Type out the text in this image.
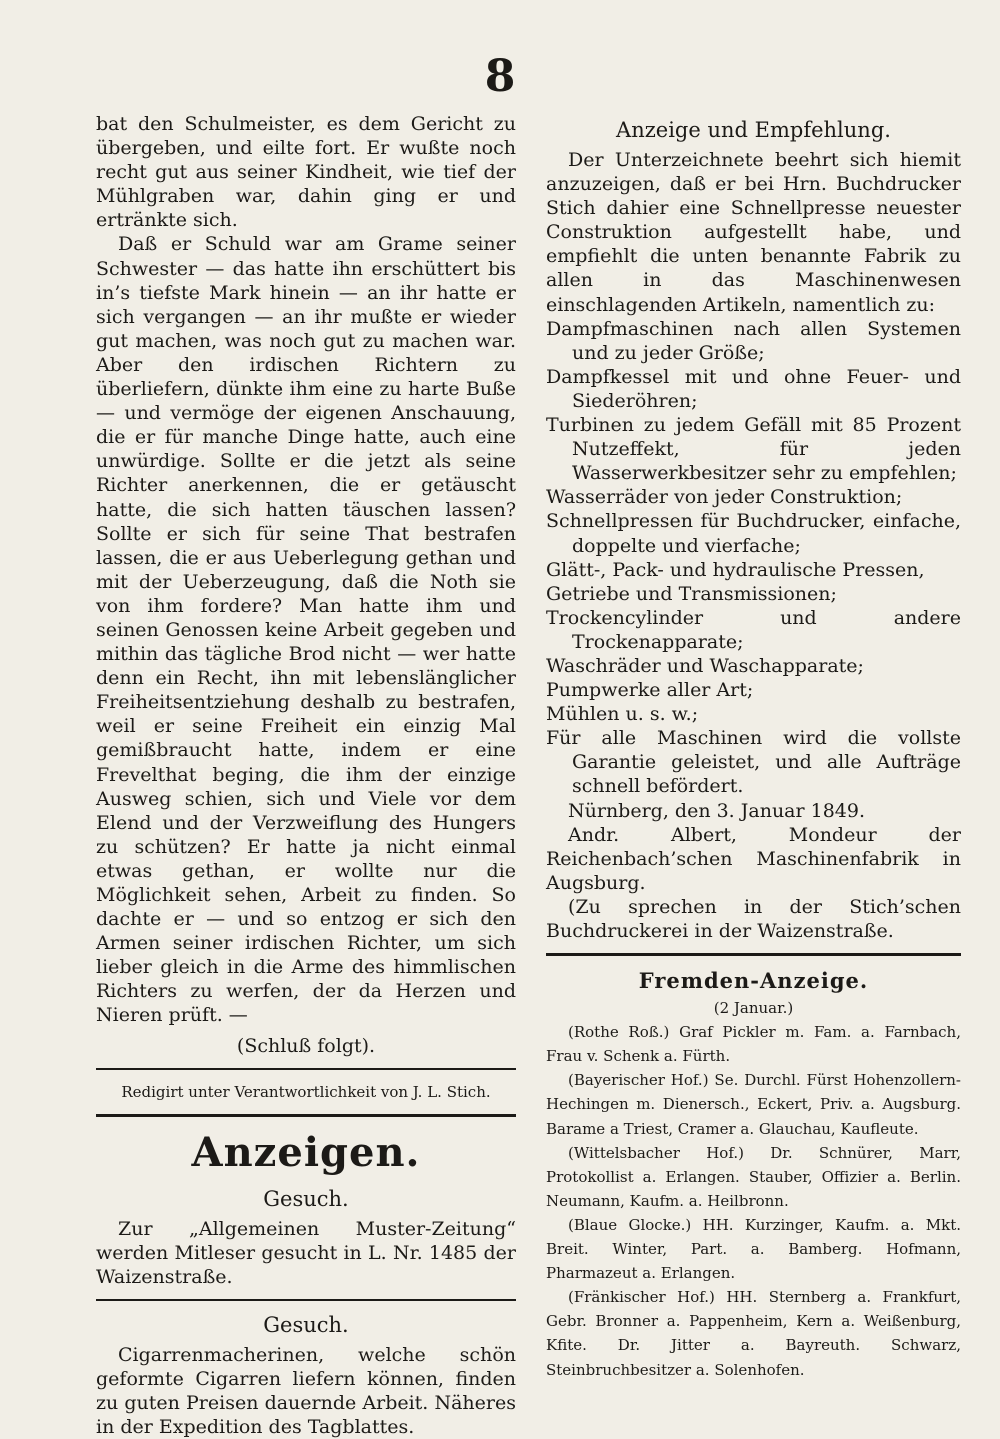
8

bat den Schulmeister, es dem Gericht zu übergeben, und eilte fort. Er wußte noch recht gut aus seiner Kindheit, wie tief der Mühlgraben war, dahin ging er und ertränkte sich.

Daß er Schuld war am Grame seiner Schwester — das hatte ihn erschüttert bis in’s tiefste Mark hinein — an ihr hatte er sich vergangen — an ihr mußte er wieder gut machen, was noch gut zu machen war. Aber den irdischen Richtern zu überliefern, dünkte ihm eine zu harte Buße — und vermöge der eigenen Anschauung, die er für manche Dinge hatte, auch eine unwürdige. Sollte er die jetzt als seine Richter anerkennen, die er getäuscht hatte, die sich hatten täuschen lassen? Sollte er sich für seine That bestrafen lassen, die er aus Ueberlegung gethan und mit der Ueberzeugung, daß die Noth sie von ihm fordere? Man hatte ihm und seinen Genossen keine Arbeit gegeben und mithin das tägliche Brod nicht — wer hatte denn ein Recht, ihn mit lebenslänglicher Freiheitsentziehung deshalb zu bestrafen, weil er seine Freiheit ein einzig Mal gemißbraucht hatte, indem er eine Frevelthat beging, die ihm der einzige Ausweg schien, sich und Viele vor dem Elend und der Verzweiflung des Hungers zu schützen? Er hatte ja nicht einmal etwas gethan, er wollte nur die Möglichkeit sehen, Arbeit zu finden. So dachte er — und so entzog er sich den Armen seiner irdischen Richter, um sich lieber gleich in die Arme des himmlischen Richters zu werfen, der da Herzen und Nieren prüft. —

(Schluß folgt).

Redigirt unter Verantwortlichkeit von J. L. Stich.

Anzeigen.
Gesuch.

Zur „Allgemeinen Muster-Zeitung“ werden Mitleser gesucht in L. Nr. 1485 der Waizenstraße.

Gesuch.

Cigarrenmacherinen, welche schön geformte Cigarren liefern können, finden zu guten Preisen dauernde Arbeit. Näheres in der Expedition des Tagblattes.

Anzeige und Empfehlung.

Der Unterzeichnete beehrt sich hiemit anzuzeigen, daß er bei Hrn. Buchdrucker Stich dahier eine Schnellpresse neuester Construktion aufgestellt habe, und empfiehlt die unten benannte Fabrik zu allen in das Maschinenwesen einschlagenden Artikeln, namentlich zu:

Dampfmaschinen nach allen Systemen und zu jeder Größe;

Dampfkessel mit und ohne Feuer- und Siederöhren;

Turbinen zu jedem Gefäll mit 85 Prozent Nutzeffekt, für jeden Wasserwerkbesitzer sehr zu empfehlen;

Wasserräder von jeder Construktion;

Schnellpressen für Buchdrucker, einfache, doppelte und vierfache;

Glätt-, Pack- und hydraulische Pressen,

Getriebe und Transmissionen;

Trockencylinder und andere Trockenapparate;

Waschräder und Waschapparate;

Pumpwerke aller Art;

Mühlen u. s. w.;

Für alle Maschinen wird die vollste Garantie geleistet, und alle Aufträge schnell befördert.

Nürnberg, den 3. Januar 1849.

Andr. Albert, Mondeur der Reichenbach’schen Maschinenfabrik in Augsburg.

(Zu sprechen in der Stich’schen Buchdruckerei in der Waizenstraße.

Fremden-Anzeige.
(2 Januar.)

(Rothe Roß.) Graf Pickler m. Fam. a. Farnbach, Frau v. Schenk a. Fürth.

(Bayerischer Hof.) Se. Durchl. Fürst Hohenzollern-Hechingen m. Dienersch., Eckert, Priv. a. Augsburg. Barame a Triest, Cramer a. Glauchau, Kaufleute.

(Wittelsbacher Hof.) Dr. Schnürer, Marr, Protokollist a. Erlangen. Stauber, Offizier a. Berlin. Neumann, Kaufm. a. Heilbronn.

(Blaue Glocke.) HH. Kurzinger, Kaufm. a. Mkt. Breit. Winter, Part. a. Bamberg. Hofmann, Pharmazeut a. Erlangen.

(Fränkischer Hof.) HH. Sternberg a. Frankfurt, Gebr. Bronner a. Pappenheim, Kern a. Weißenburg, Kfite. Dr. Jitter a. Bayreuth. Schwarz, Steinbruchbesitzer a. Solenhofen.
